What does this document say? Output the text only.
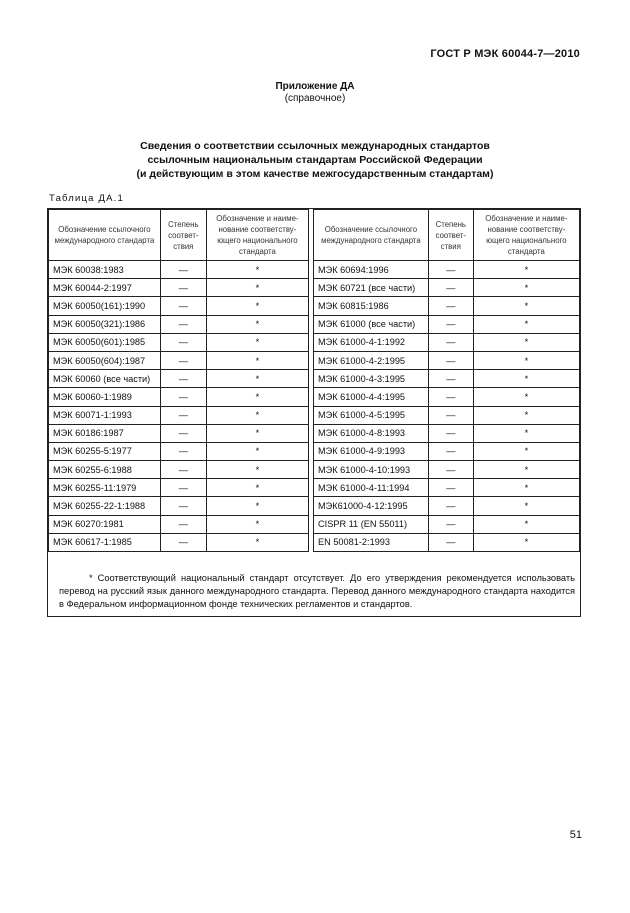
ГОСТ Р МЭК 60044-7—2010
Приложение ДА
(справочное)
Сведения о соответствии ссылочных международных стандартов
ссылочным национальным стандартам Российской Федерации
(и действующим в этом качестве межгосударственным стандартам)
Таблица ДА.1
Обозначение ссылочного международного стандарта	Степень соответ- ствия	Обозначение и наиме- нование соответству- ющего национального стандарта		Обозначение ссылочного международного стандарта	Степень соответ- ствия	Обозначение и наиме- нование соответству- ющего национального стандарта
МЭК 60038:1983	—	*		МЭК 60694:1996	—	*
МЭК 60044-2:1997	—	*		МЭК 60721 (все части)	—	*
МЭК 60050(161):1990	—	*		МЭК 60815:1986	—	*
МЭК 60050(321):1986	—	*		МЭК 61000 (все части)	—	*
МЭК 60050(601):1985	—	*		МЭК 61000-4-1:1992	—	*
МЭК 60050(604):1987	—	*		МЭК 61000-4-2:1995	—	*
МЭК 60060 (все части)	—	*		МЭК 61000-4-3:1995	—	*
МЭК 60060-1:1989	—	*		МЭК 61000-4-4:1995	—	*
МЭК 60071-1:1993	—	*		МЭК 61000-4-5:1995	—	*
МЭК 60186:1987	—	*		МЭК 61000-4-8:1993	—	*
МЭК 60255-5:1977	—	*		МЭК 61000-4-9:1993	—	*
МЭК 60255-6:1988	—	*		МЭК 61000-4-10:1993	—	*
МЭК 60255-11:1979	—	*		МЭК 61000-4-11:1994	—	*
МЭК 60255-22-1:1988	—	*		МЭК61000-4-12:1995	—	*
МЭК 60270:1981	—	*		CISPR 11 (EN 55011)	—	*
МЭК 60617-1:1985	—	*		EN 50081-2:1993	—	*
* Соответствующий национальный стандарт отсутствует. До его утверждения рекомендуется использовать перевод на русский язык данного международного стандарта. Перевод данного международного стандарта находится в Федеральном информационном фонде технических регламентов и стандартов.
51
